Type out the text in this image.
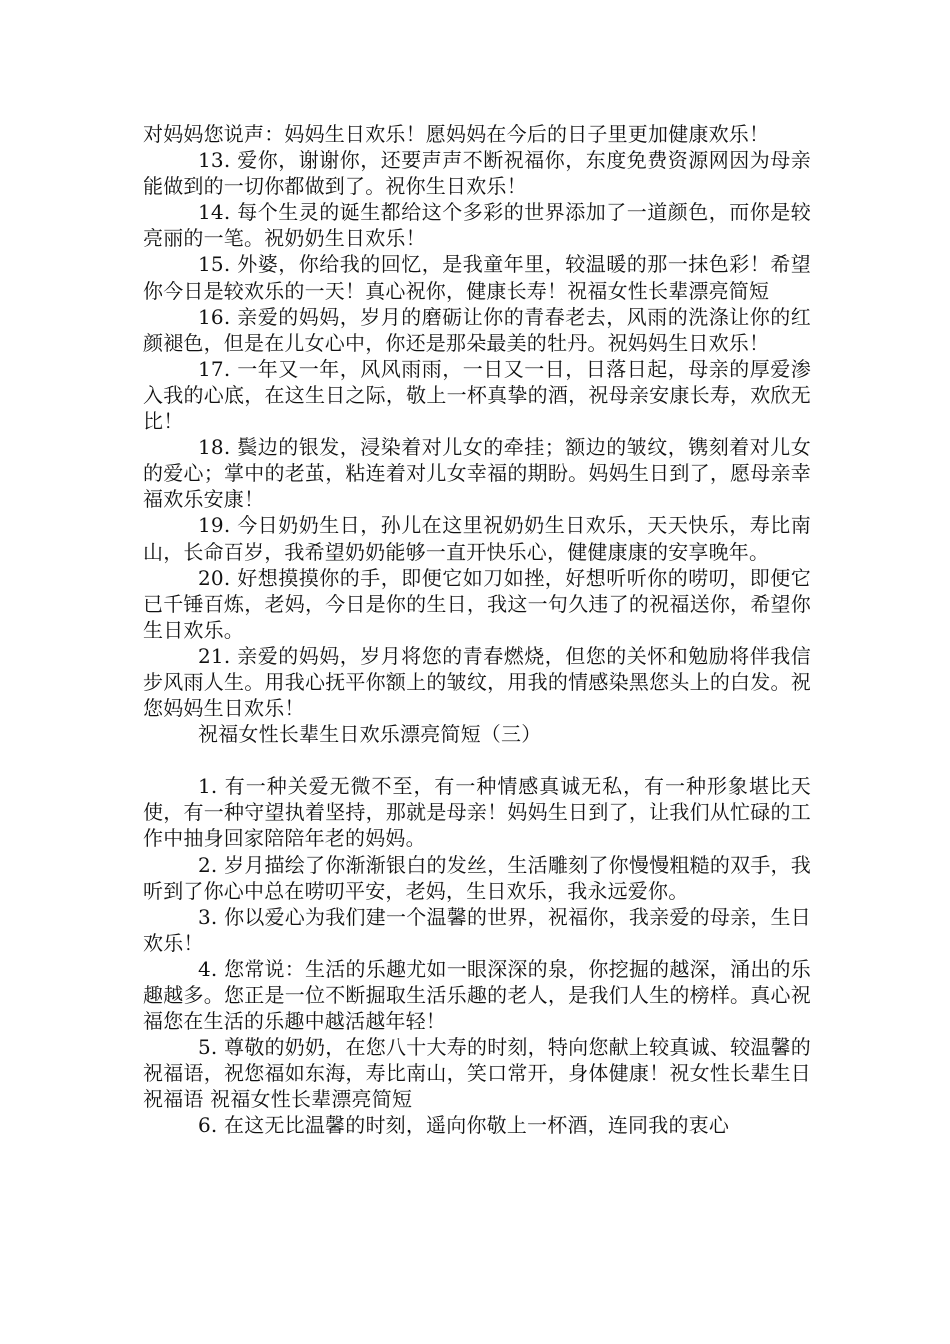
对妈妈您说声：妈妈生日欢乐！愿妈妈在今后的日子里更加健康欢乐！

13. 爱你，谢谢你，还要声声不断祝福你，东度免费资源网因为母亲能做到的一切你都做到了。祝你生日欢乐！

14. 每个生灵的诞生都给这个多彩的世界添加了一道颜色，而你是较亮丽的一笔。祝奶奶生日欢乐！

15. 外婆，你给我的回忆，是我童年里，较温暖的那一抹色彩！希望你今日是较欢乐的一天！真心祝你，健康长寿！祝福女性长辈漂亮简短

16. 亲爱的妈妈，岁月的磨砺让你的青春老去，风雨的洗涤让你的红颜褪色，但是在儿女心中，你还是那朵最美的牡丹。祝妈妈生日欢乐！

17. 一年又一年，风风雨雨，一日又一日，日落日起，母亲的厚爱渗入我的心底，在这生日之际，敬上一杯真挚的酒，祝母亲安康长寿，欢欣无比！

18. 鬓边的银发，浸染着对儿女的牵挂；额边的皱纹，镌刻着对儿女的爱心；掌中的老茧，粘连着对儿女幸福的期盼。妈妈生日到了，愿母亲幸福欢乐安康！

19. 今日奶奶生日，孙儿在这里祝奶奶生日欢乐，天天快乐，寿比南山，长命百岁，我希望奶奶能够一直开快乐心，健健康康的安享晚年。

20. 好想摸摸你的手，即便它如刀如挫，好想听听你的唠叨，即便它已千锤百炼，老妈，今日是你的生日，我这一句久违了的祝福送你，希望你生日欢乐。

21. 亲爱的妈妈，岁月将您的青春燃烧，但您的关怀和勉励将伴我信步风雨人生。用我心抚平你额上的皱纹，用我的情感染黑您头上的白发。祝您妈妈生日欢乐！

祝福女性长辈生日欢乐漂亮简短（三）

1. 有一种关爱无微不至，有一种情感真诚无私，有一种形象堪比天使，有一种守望执着坚持，那就是母亲！妈妈生日到了，让我们从忙碌的工作中抽身回家陪陪年老的妈妈。

2. 岁月描绘了你渐渐银白的发丝，生活雕刻了你慢慢粗糙的双手，我听到了你心中总在唠叨平安，老妈，生日欢乐，我永远爱你。

3. 你以爱心为我们建一个温馨的世界，祝福你，我亲爱的母亲，生日欢乐！

4. 您常说：生活的乐趣尤如一眼深深的泉，你挖掘的越深，涌出的乐趣越多。您正是一位不断掘取生活乐趣的老人，是我们人生的榜样。真心祝福您在生活的乐趣中越活越年轻！

5. 尊敬的奶奶，在您八十大寿的时刻，特向您献上较真诚、较温馨的祝福语，祝您福如东海，寿比南山，笑口常开，身体健康！祝女性长辈生日祝福语 祝福女性长辈漂亮简短

6. 在这无比温馨的时刻，遥向你敬上一杯酒，连同我的衷心
